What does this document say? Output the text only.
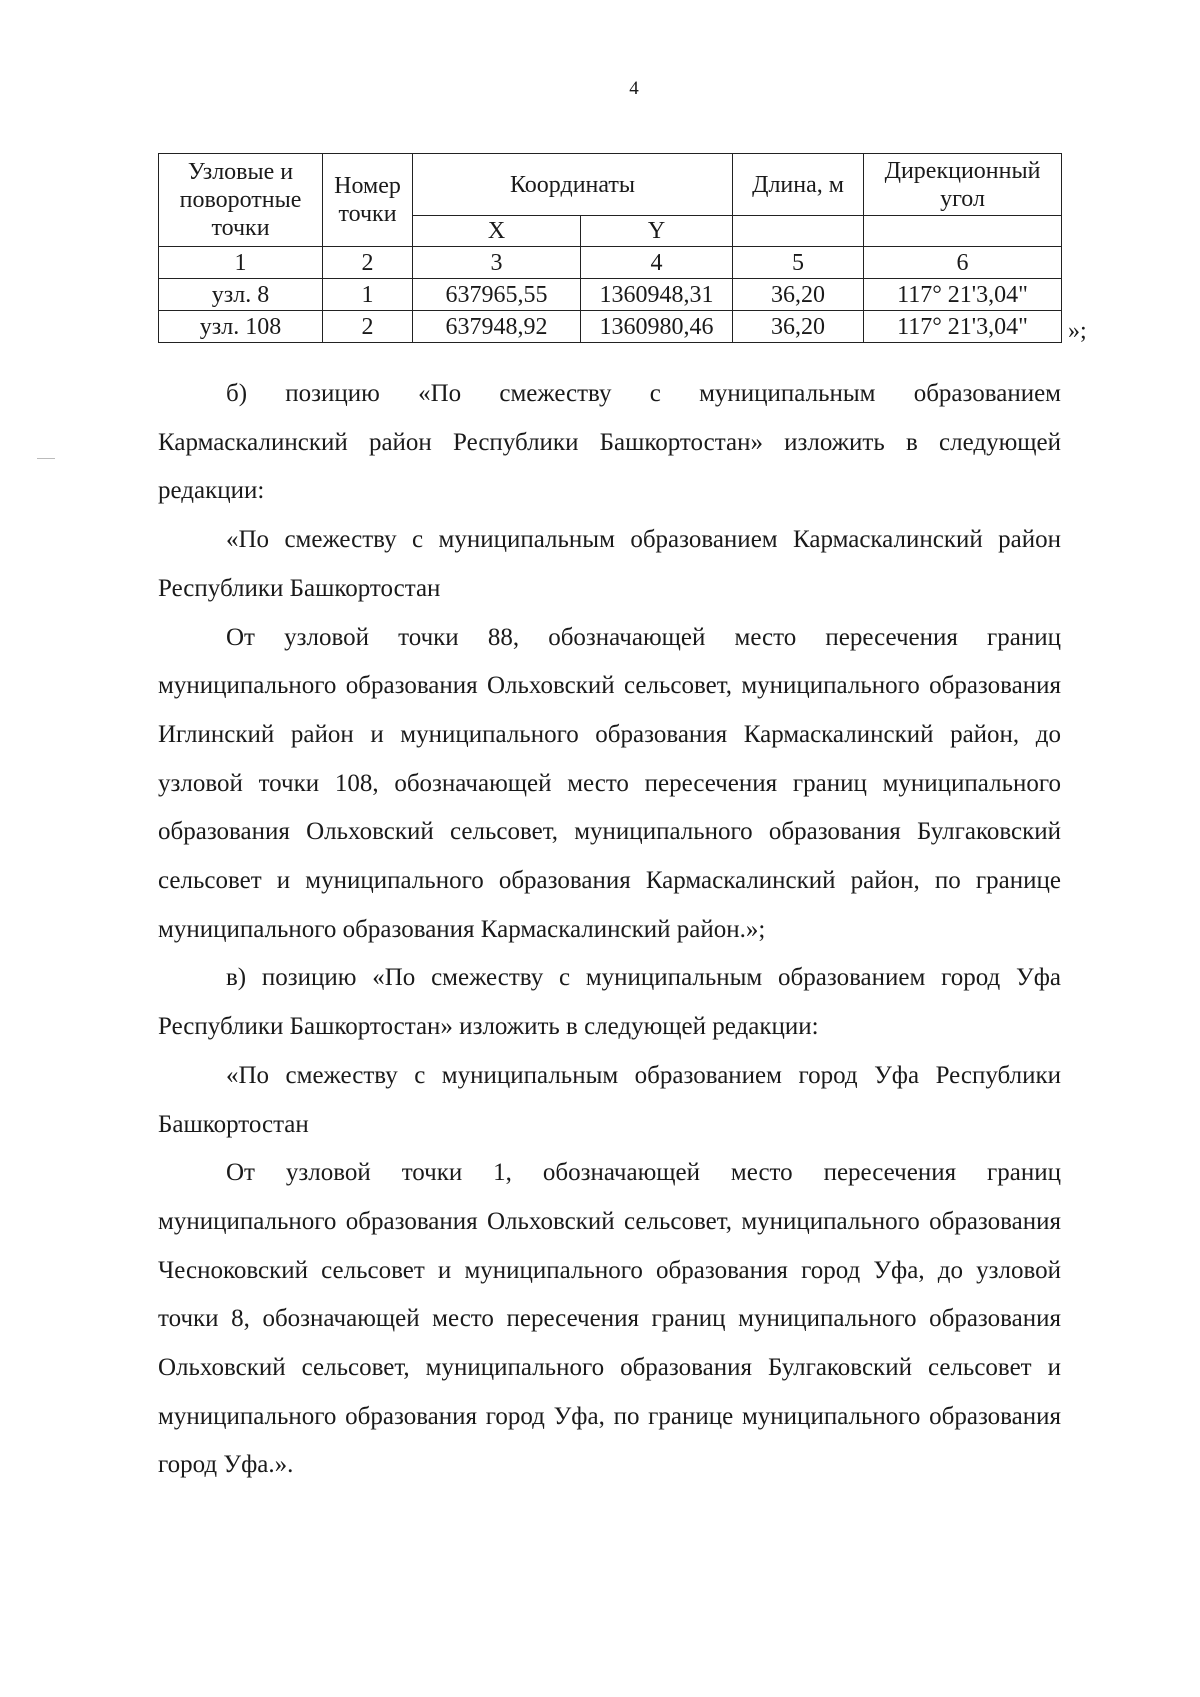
4
Узловые и поворотные точки	Номер точки	Координаты		Длина, м	Дирекционный угол
		X	Y		
1	2	3	4	5	6
узл. 8	1	637965,55	1360948,31	36,20	117° 21'3,04"
узл. 108	2	637948,92	1360980,46	36,20	117° 21'3,04" »;

б) позицию «По смежеству с муниципальным образованием Кармаскалинский район Республики Башкортостан» изложить в следующей редакции:

«По смежеству с муниципальным образованием Кармаскалинский район Республики Башкортостан

От узловой точки 88, обозначающей место пересечения границ муниципального образования Ольховский сельсовет, муниципального образования Иглинский район и муниципального образования Кармаскалинский район, до узловой точки 108, обозначающей место пересечения границ муниципального образования Ольховский сельсовет, муниципального образования Булгаковский сельсовет и муниципального образования Кармаскалинский район, по границе муниципального образования Кармаскалинский район.»;

в) позицию «По смежеству с муниципальным образованием город Уфа Республики Башкортостан» изложить в следующей редакции:

«По смежеству с муниципальным образованием город Уфа Республики Башкортостан

От узловой точки 1, обозначающей место пересечения границ муниципального образования Ольховский сельсовет, муниципального образования Чесноковский сельсовет и муниципального образования город Уфа, до узловой точки 8, обозначающей место пересечения границ муниципального образования Ольховский сельсовет, муниципального образования Булгаковский сельсовет и муниципального образования город Уфа, по границе муниципального образования город Уфа.».
